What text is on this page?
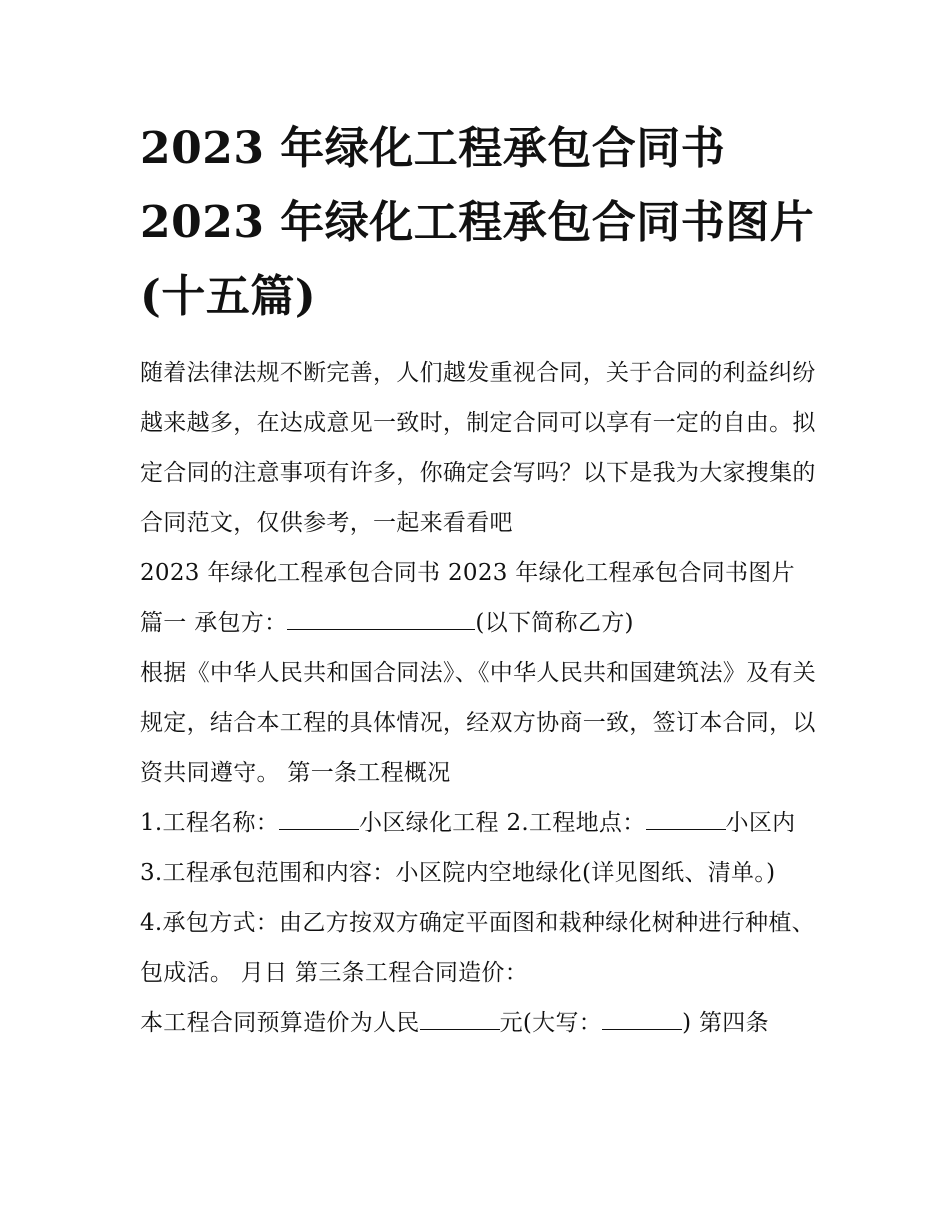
2023 年绿化工程承包合同书 2023 年绿化工程承包合同书图片(十五篇)

随着法律法规不断完善，人们越发重视合同，关于合同的利益纠纷越来越多，在达成意见一致时，制定合同可以享有一定的自由。拟定合同的注意事项有许多，你确定会写吗？以下是我为大家搜集的合同范文，仅供参考，一起来看看吧

2023 年绿化工程承包合同书 2023 年绿化工程承包合同书图片

篇一 承包方：	(以下简称乙方)

根据《中华人民共和国合同法》、《中华人民共和国建筑法》及有关规定，结合本工程的具体情况，经双方协商一致，签订本合同，以资共同遵守。 第一条工程概况

1.工程名称：	小区绿化工程 2.工程地点：	小区内 3.工程承包范围和内容：小区院内空地绿化(详见图纸、清单。)

4.承包方式：由乙方按双方确定平面图和栽种绿化树种进行种植、包成活。 月日 第三条工程合同造价：

本工程合同预算造价为人民	元(大写：	) 第四条
